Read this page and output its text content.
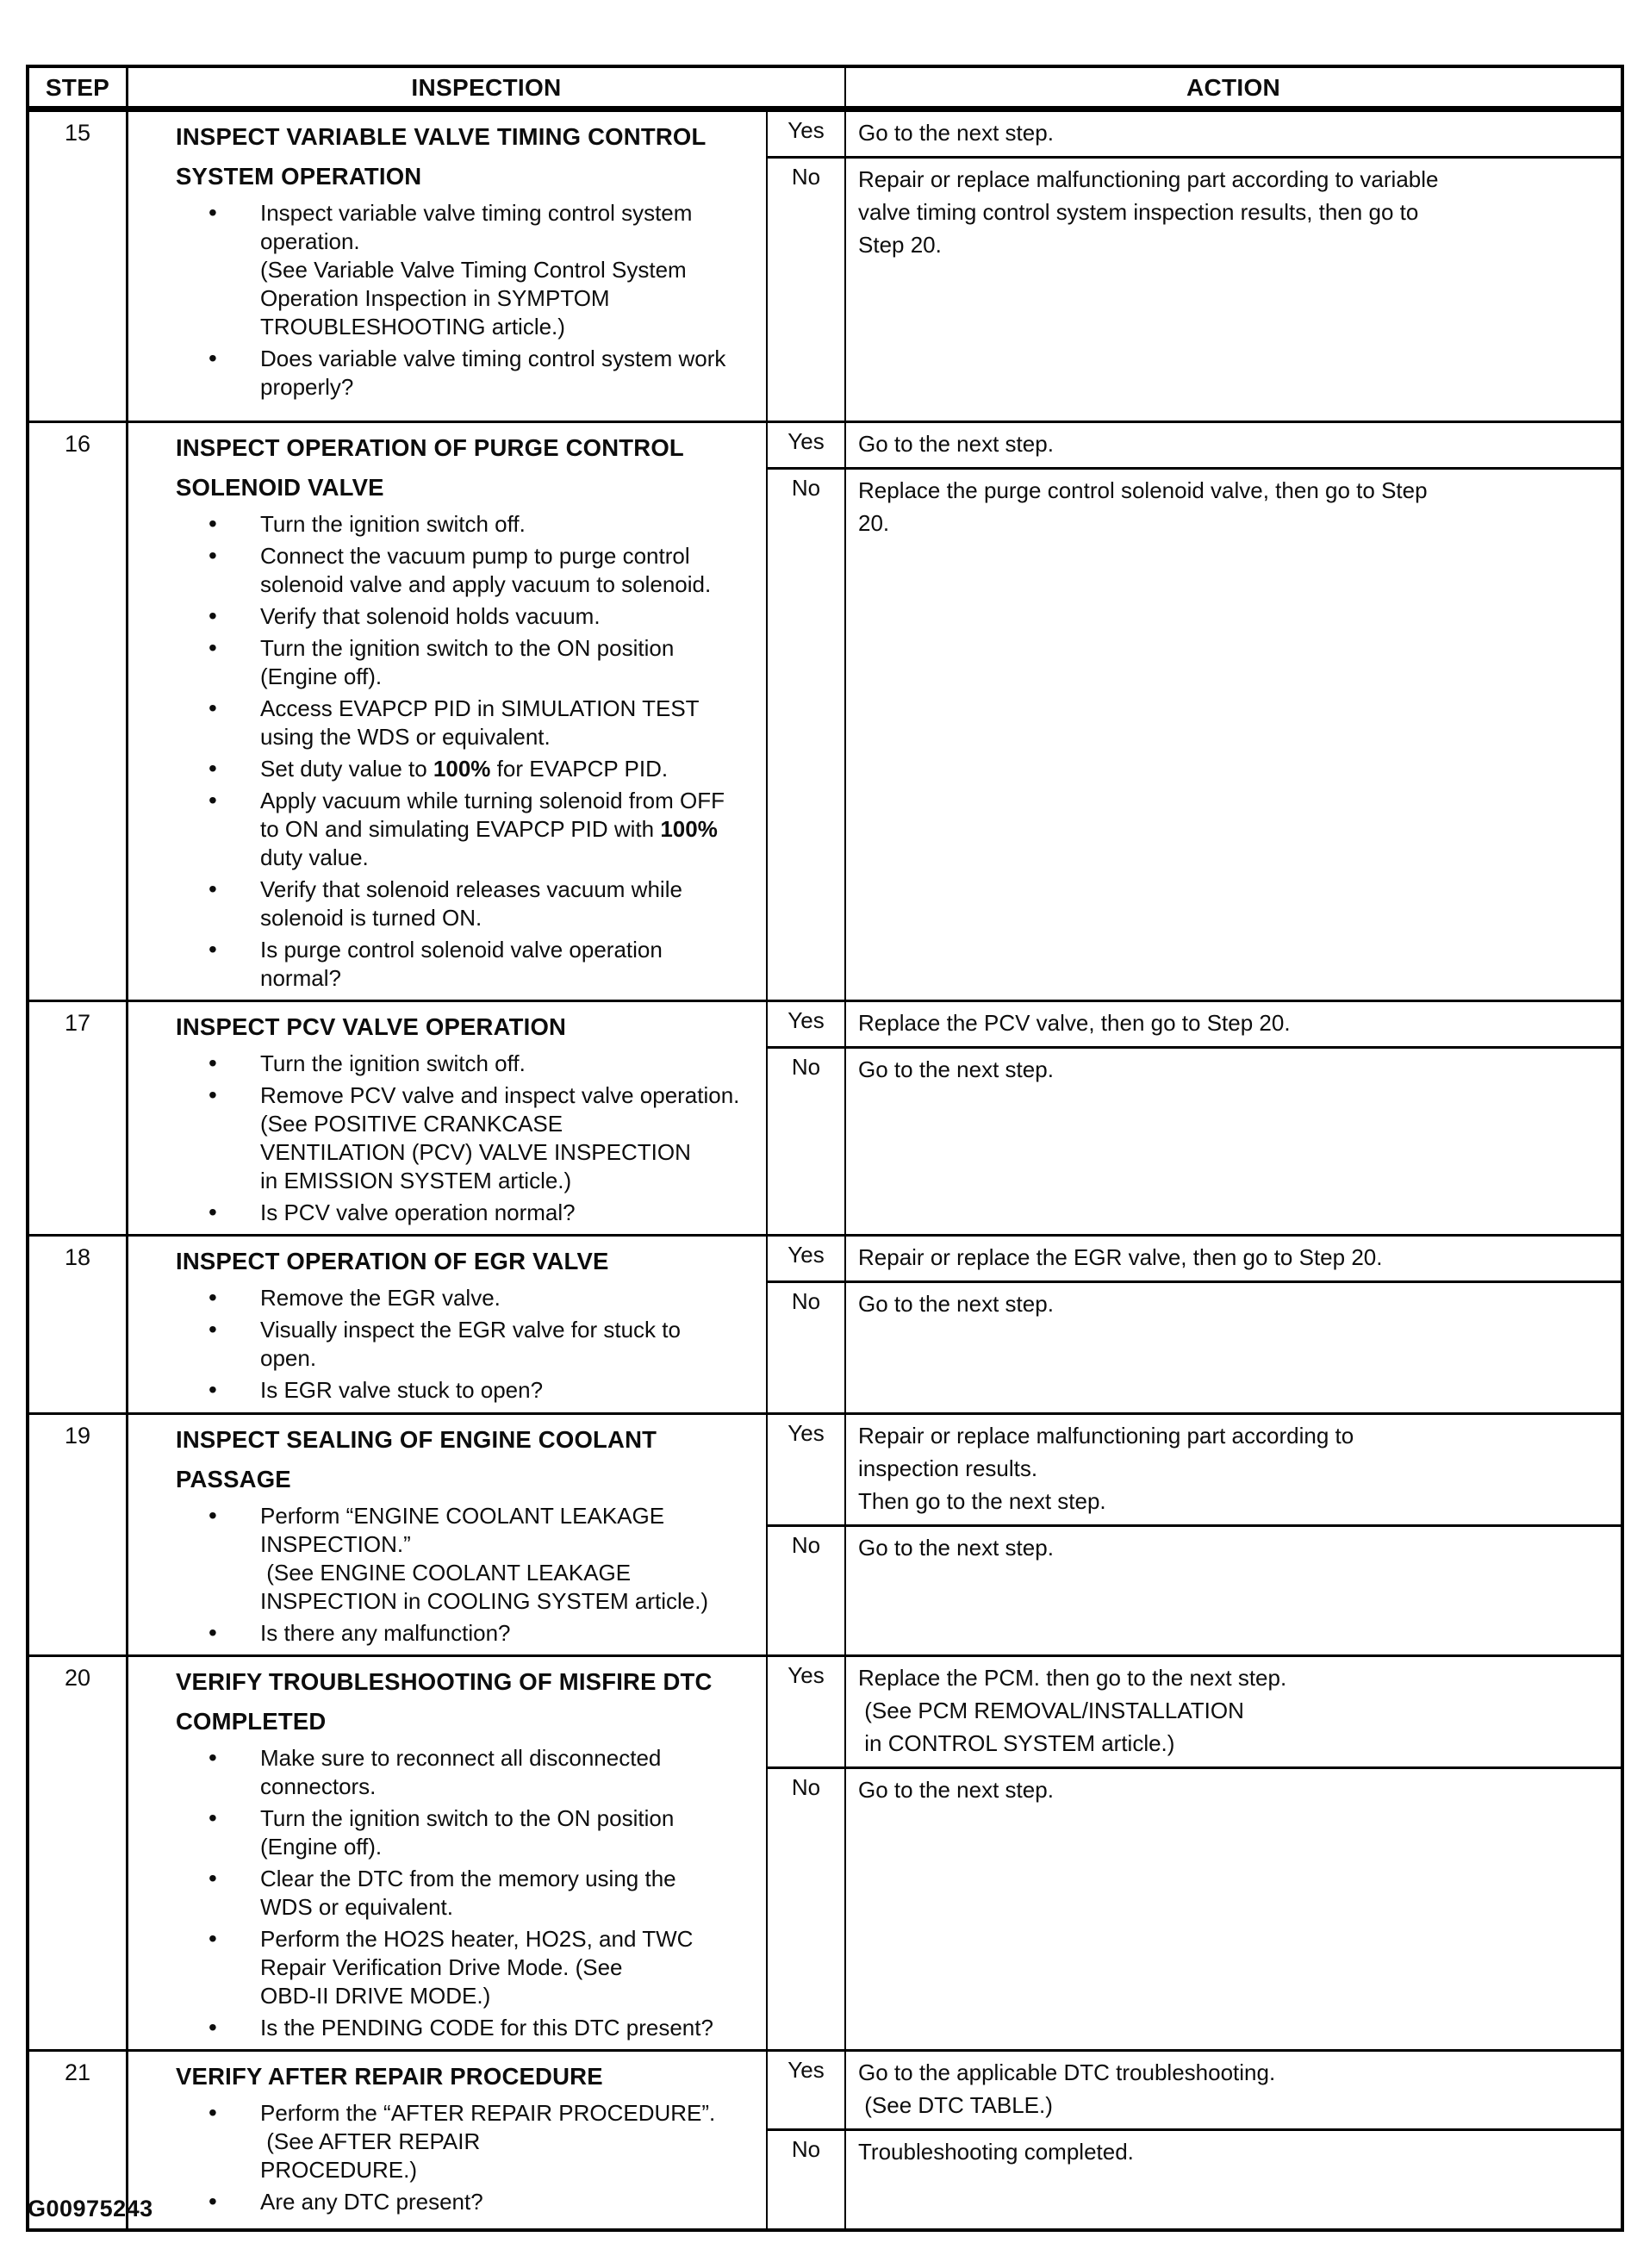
STEP	INSPECTION	ACTION
15	INSPECT VARIABLE VALVE TIMING CONTROL
SYSTEM OPERATION
• Inspect variable valve timing control system
operation.
(See Variable Valve Timing Control System
Operation Inspection in SYMPTOM
TROUBLESHOOTING article.)
• Does variable valve timing control system work
properly?
Yes	Go to the next step.
No	Repair or replace malfunctioning part according to variable
valve timing control system inspection results, then go to
Step 20.
16	INSPECT OPERATION OF PURGE CONTROL
SOLENOID VALVE
• Turn the ignition switch off.
• Connect the vacuum pump to purge control
solenoid valve and apply vacuum to solenoid.
• Verify that solenoid holds vacuum.
• Turn the ignition switch to the ON position
(Engine off).
• Access EVAPCP PID in SIMULATION TEST
using the WDS or equivalent.
• Set duty value to 100% for EVAPCP PID.
• Apply vacuum while turning solenoid from OFF
to ON and simulating EVAPCP PID with 100%
duty value.
• Verify that solenoid releases vacuum while
solenoid is turned ON.
• Is purge control solenoid valve operation
normal?
Yes	Go to the next step.
No	Replace the purge control solenoid valve, then go to Step
20.
17	INSPECT PCV VALVE OPERATION
• Turn the ignition switch off.
• Remove PCV valve and inspect valve operation.
(See POSITIVE CRANKCASE
VENTILATION (PCV) VALVE INSPECTION
in EMISSION SYSTEM article.)
• Is PCV valve operation normal?
Yes	Replace the PCV valve, then go to Step 20.
No	Go to the next step.
18	INSPECT OPERATION OF EGR VALVE
• Remove the EGR valve.
• Visually inspect the EGR valve for stuck to
open.
• Is EGR valve stuck to open?
Yes	Repair or replace the EGR valve, then go to Step 20.
No	Go to the next step.
19	INSPECT SEALING OF ENGINE COOLANT
PASSAGE
• Perform “ENGINE COOLANT LEAKAGE
INSPECTION.”
(See ENGINE COOLANT LEAKAGE
INSPECTION in COOLING SYSTEM article.)
• Is there any malfunction?
Yes	Repair or replace malfunctioning part according to
inspection results.
Then go to the next step.
No	Go to the next step.
20	VERIFY TROUBLESHOOTING OF MISFIRE DTC
COMPLETED
• Make sure to reconnect all disconnected
connectors.
• Turn the ignition switch to the ON position
(Engine off).
• Clear the DTC from the memory using the
WDS or equivalent.
• Perform the HO2S heater, HO2S, and TWC
Repair Verification Drive Mode. (See
OBD-II DRIVE MODE.)
• Is the PENDING CODE for this DTC present?
Yes	Replace the PCM. then go to the next step.
(See PCM REMOVAL/INSTALLATION
in CONTROL SYSTEM article.)
No	Go to the next step.
21	VERIFY AFTER REPAIR PROCEDURE
• Perform the “AFTER REPAIR PROCEDURE”.
(See AFTER REPAIR
PROCEDURE.)
• Are any DTC present?
Yes	Go to the applicable DTC troubleshooting.
(See DTC TABLE.)
No	Troubleshooting completed.
G00975243
